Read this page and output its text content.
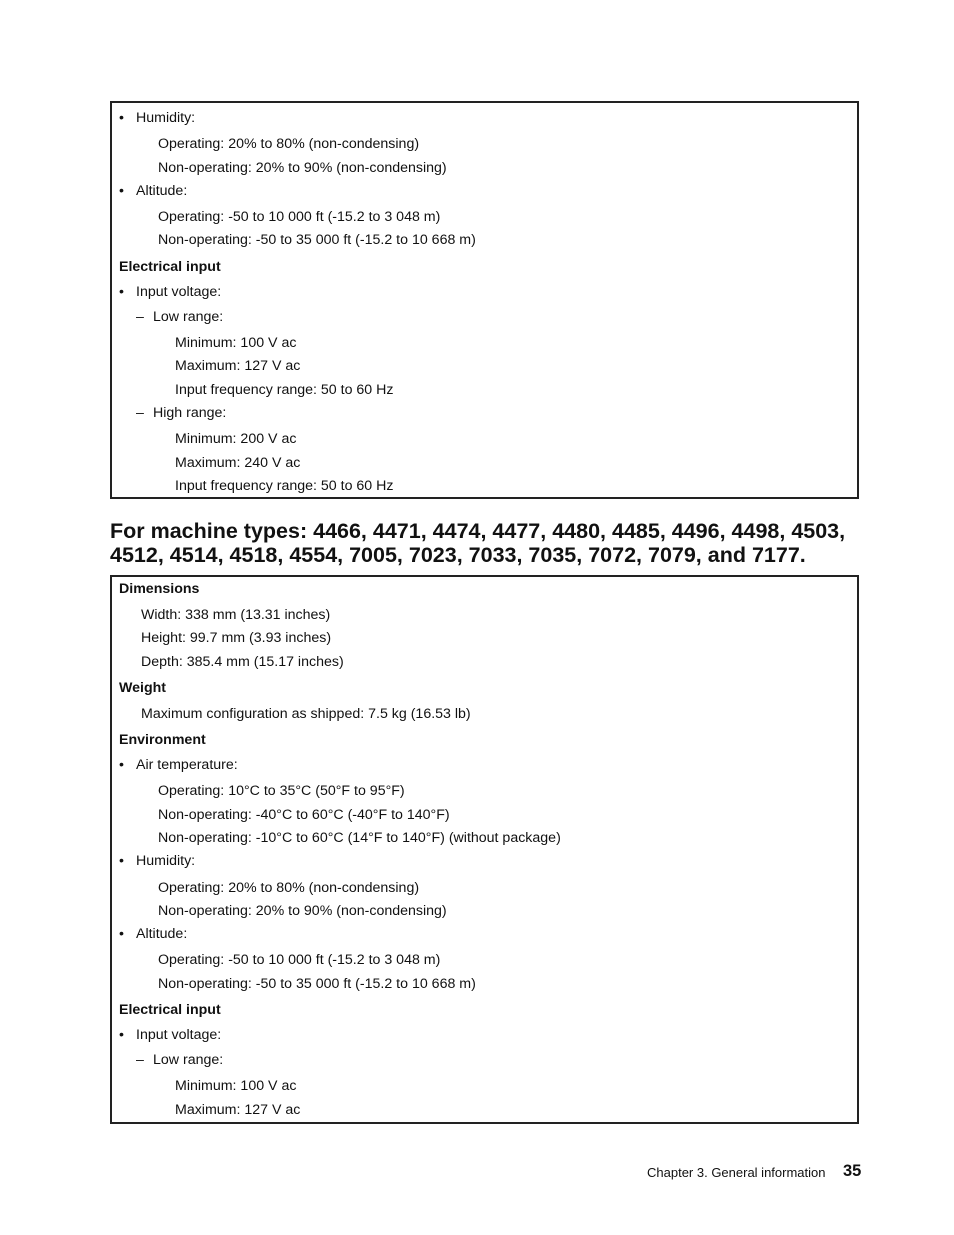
• Humidity:
Operating: 20% to 80% (non-condensing)
Non-operating: 20% to 90% (non-condensing)
• Altitude:
Operating: -50 to 10 000 ft (-15.2 to 3 048 m)
Non-operating: -50 to 35 000 ft (-15.2 to 10 668 m)
Electrical input
• Input voltage:
– Low range:
Minimum: 100 V ac
Maximum: 127 V ac
Input frequency range: 50 to 60 Hz
– High range:
Minimum: 200 V ac
Maximum: 240 V ac
Input frequency range: 50 to 60 Hz
For machine types: 4466, 4471, 4474, 4477, 4480, 4485, 4496, 4498, 4503,
4512, 4514, 4518, 4554, 7005, 7023, 7033, 7035, 7072, 7079, and 7177.
Dimensions
Width: 338 mm (13.31 inches)
Height: 99.7 mm (3.93 inches)
Depth: 385.4 mm (15.17 inches)
Weight
Maximum configuration as shipped: 7.5 kg (16.53 lb)
Environment
• Air temperature:
Operating: 10°C to 35°C (50°F to 95°F)
Non-operating: -40°C to 60°C (-40°F to 140°F)
Non-operating: -10°C to 60°C (14°F to 140°F) (without package)
• Humidity:
Operating: 20% to 80% (non-condensing)
Non-operating: 20% to 90% (non-condensing)
• Altitude:
Operating: -50 to 10 000 ft (-15.2 to 3 048 m)
Non-operating: -50 to 35 000 ft (-15.2 to 10 668 m)
Electrical input
• Input voltage:
– Low range:
Minimum: 100 V ac
Maximum: 127 V ac
Chapter 3. General information 35
